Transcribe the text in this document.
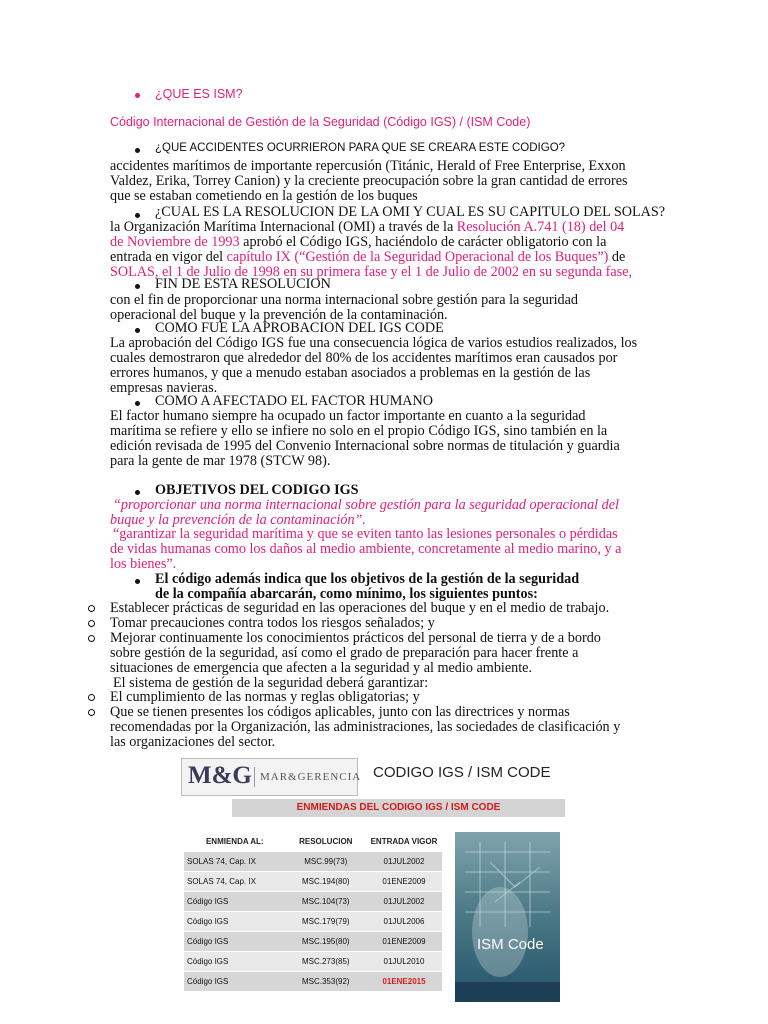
¿QUE ES ISM?
Código Internacional de Gestión de la Seguridad (Código IGS) / (ISM Code)
¿QUE ACCIDENTES OCURRIERON PARA QUE SE CREARA ESTE CODIGO?
accidentes marítimos de importante repercusión (Titánic, Herald of Free Enterprise, Exxon
Valdez, Erika, Torrey Canion) y la creciente preocupación sobre la gran cantidad de errores
que se estaban cometiendo en la gestión de los buques
¿CUAL ES LA RESOLUCION DE LA OMI Y CUAL ES SU CAPITULO DEL SOLAS?
la Organización Marítima Internacional (OMI) a través de la Resolución A.741 (18) del 04
de Noviembre de 1993 aprobó el Código IGS, haciéndolo de carácter obligatorio con la
entrada en vigor del capítulo IX (“Gestión de la Seguridad Operacional de los Buques”) de
SOLAS, el 1 de Julio de 1998 en su primera fase y el 1 de Julio de 2002 en su segunda fase,
FIN DE ESTA RESOLUCION
con el fin de proporcionar una norma internacional sobre gestión para la seguridad
operacional del buque y la prevención de la contaminación.
COMO FUE LA APROBACION DEL IGS CODE
La aprobación del Código IGS fue una consecuencia lógica de varios estudios realizados, los
cuales demostraron que alrededor del 80% de los accidentes marítimos eran causados por
errores humanos, y que a menudo estaban asociados a problemas en la gestión de las
empresas navieras.
COMO A AFECTADO EL FACTOR HUMANO
El factor humano siempre ha ocupado un factor importante en cuanto a la seguridad
marítima se refiere y ello se infiere no solo en el propio Código IGS, sino también en la
edición revisada de 1995 del Convenio Internacional sobre normas de titulación y guardia
para la gente de mar 1978 (STCW 98).
OBJETIVOS DEL CODIGO IGS
“proporcionar una norma internacional sobre gestión para la seguridad operacional del
buque y la prevención de la contaminación”.
“garantizar la seguridad marítima y que se eviten tanto las lesiones personales o pérdidas
de vidas humanas como los daños al medio ambiente, concretamente al medio marino, y a
los bienes”.
El código además indica que los objetivos de la gestión de la seguridad
de la compañía abarcarán, como mínimo, los siguientes puntos:
Establecer prácticas de seguridad en las operaciones del buque y en el medio de trabajo.
Tomar precauciones contra todos los riesgos señalados; y
Mejorar continuamente los conocimientos prácticos del personal de tierra y de a bordo
sobre gestión de la seguridad, así como el grado de preparación para hacer frente a
situaciones de emergencia que afecten a la seguridad y al medio ambiente.
El sistema de gestión de la seguridad deberá garantizar:
El cumplimiento de las normas y reglas obligatorias; y
Que se tienen presentes los códigos aplicables, junto con las directrices y normas
recomendadas por la Organización, las administraciones, las sociedades de clasificación y
las organizaciones del sector.
M&G MAR&GERENCIA CODIGO IGS / ISM CODE
ENMIENDAS DEL CODIGO IGS / ISM CODE
ENMIENDA AL:	RESOLUCION	ENTRADA VIGOR
SOLAS 74, Cap. IX	MSC.99(73)	01JUL2002
SOLAS 74, Cap. IX	MSC.194(80)	01ENE2009
Código IGS	MSC.104(73)	01JUL2002
Código IGS	MSC.179(79)	01JUL2006
Código IGS	MSC.195(80)	01ENE2009
Código IGS	MSC.273(85)	01JUL2010
Código IGS	MSC.353(92)	01ENE2015
ISM Code
